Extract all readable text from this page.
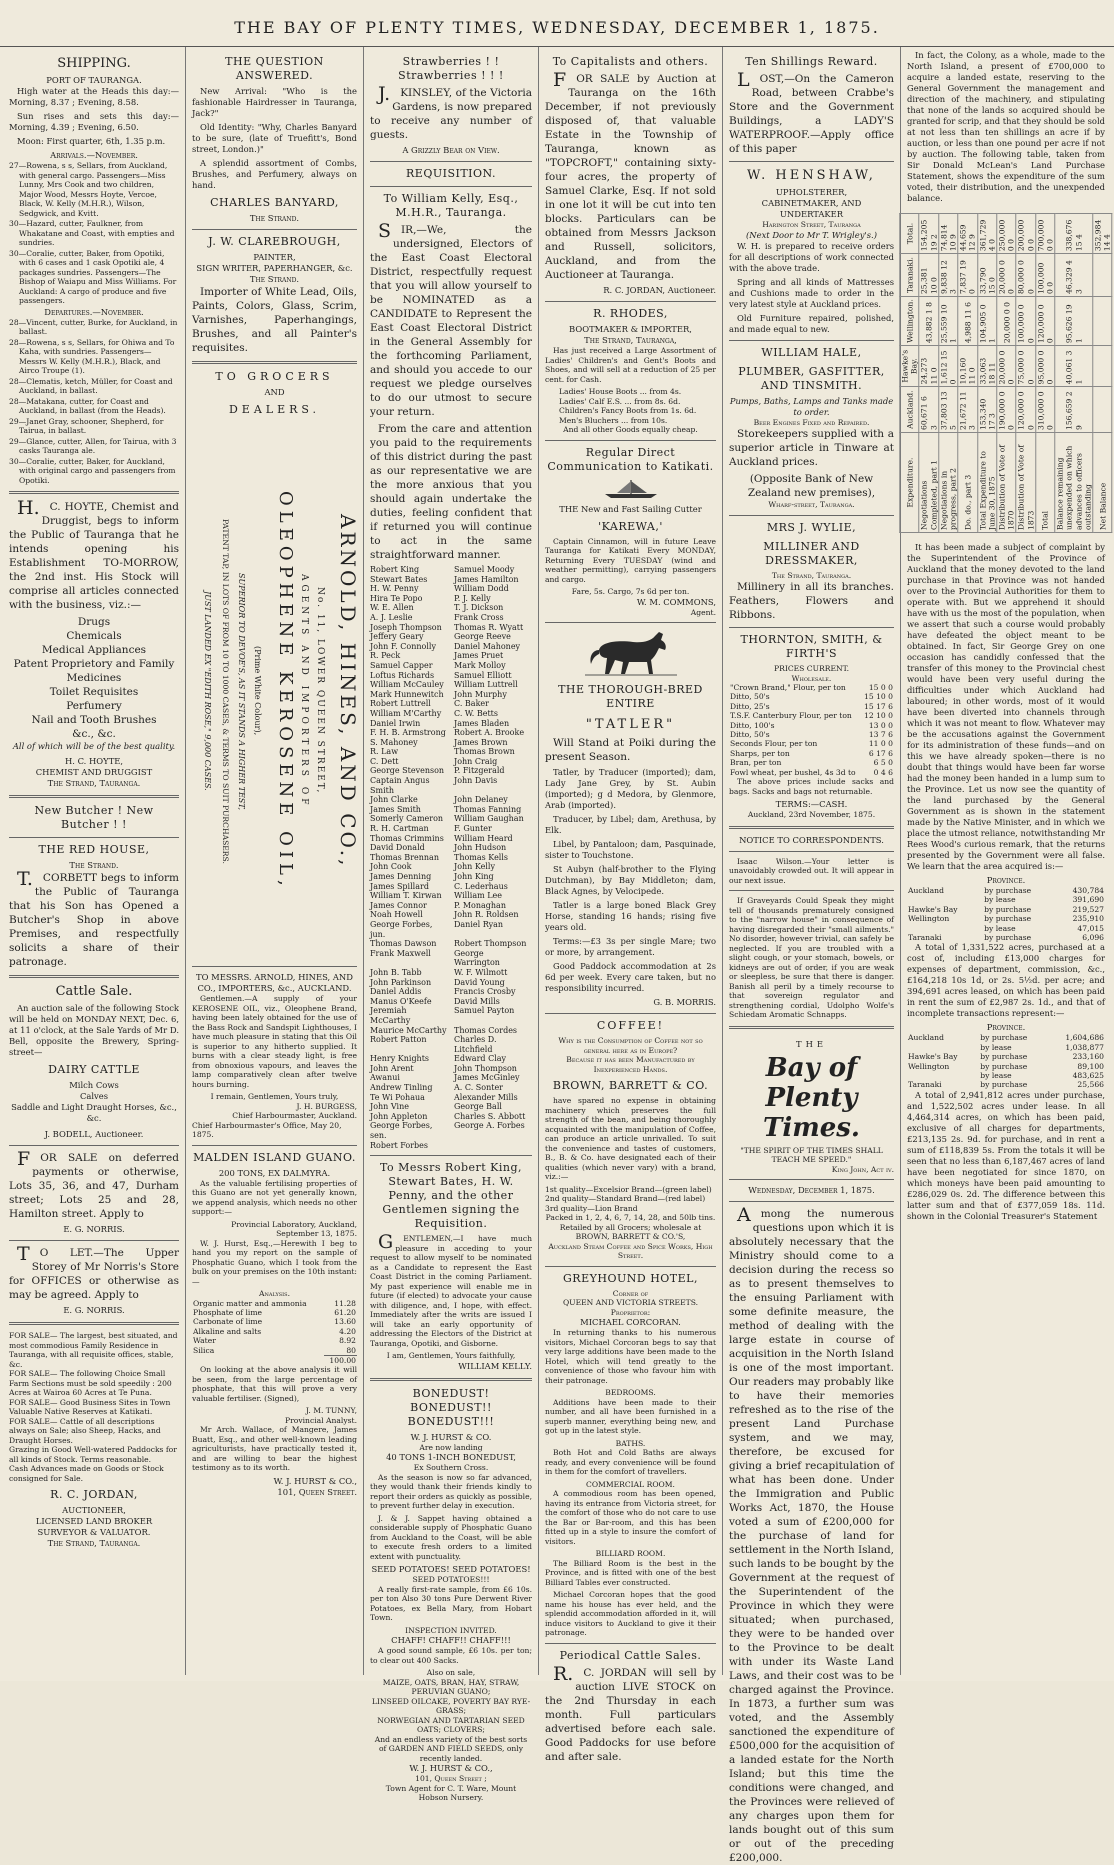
THE BAY OF PLENTY TIMES, WEDNESDAY, DECEMBER 1, 1875.
SHIPPING.
PORT OF TAURANGA.

High water at the Heads this day:—Morning, 8.37 ; Evening, 8.58.

Sun rises and sets this day:—Morning, 4.39 ; Evening, 6.50.

Moon: First quarter, 6th, 1.35 p.m.

Arrivals.—November.
27—Rowena, s s, Sellars, from Auckland, with general cargo. Passengers—Miss Lunny, Mrs Cook and two children, Major Wood, Messrs Hoyte, Vercoe, Black, W. Kelly (M.H.R.), Wilson, Sedgwick, and Kvitt.
30—Hazard, cutter, Faulkner, from Whakatane and Coast, with empties and sundries.
30—Coralie, cutter, Baker, from Opotiki, with 6 cases and 1 cask Opotiki ale, 4 packages sundries. Passengers—The Bishop of Waiapu and Miss Williams. For Auckland: A cargo of produce and five passengers.
Departures.—November.
28—Vincent, cutter, Burke, for Auckland, in ballast.
28—Rowena, s s, Sellars, for Ohiwa and To Kaha, with sundries. Passengers—Messrs W. Kelly (M.H.R.), Black, and Airco Troupe (1).
28—Clematis, ketch, Müller, for Coast and Auckland, in ballast.
28—Matakana, cutter, for Coast and Auckland, in ballast (from the Heads).
29—Janet Gray, schooner, Shepherd, for Tairua, in ballast.
29—Glance, cutter, Allen, for Tairua, with 3 casks Tauranga ale.
30—Coralie, cutter, Baker, for Auckland, with original cargo and passengers from Opotiki.

H.C. HOYTE, Chemist and Druggist, begs to inform the Public of Tauranga that he intends opening his Establishment TO-MORROW, the 2nd inst. His Stock will comprise all articles connected with the business, viz.:—

Drugs
Chemicals
Medical Appliances
Patent Proprietory and Family Medicines
Toilet Requisites
Perfumery
Nail and Tooth Brushes
&c., &c.
All of which will be of the best quality.
H. C. HOYTE,
CHEMIST AND DRUGGIST
The Strand, Tauranga.
New Butcher ! New Butcher ! !
THE RED HOUSE,
The Strand.

T.CORBETT begs to inform the Public of Tauranga that his Son has Opened a Butcher's Shop in above Premises, and respectfully solicits a share of their patronage.

Cattle Sale.

An auction sale of the following Stock will be held on MONDAY NEXT, Dec. 6, at 11 o'clock, at the Sale Yards of Mr D. Bell, opposite the Brewery, Spring-street—

DAIRY CATTLE
Milch Cows
Calves
Saddle and Light Draught Horses, &c., &c.
J. BODELL, Auctioneer.

FOR SALE on deferred payments or otherwise, Lots 35, 36, and 47, Durham street; Lots 25 and 28, Hamilton street. Apply to

E. G. NORRIS.

TO LET.—The Upper Storey of Mr Norris's Store for OFFICES or otherwise as may be agreed. Apply to

E. G. NORRIS.
FOR SALE— The largest, best situated, and most commodious Family Residence in Tauranga, with all requisite offices, stable, &c.
FOR SALE— The following Choice Small Farm Sections must be sold speedily : 200 Acres at Wairoa 60 Acres at Te Puna.
FOR SALE— Good Business Sites in Town Valuable Native Reserves at Katikati.
FOR SALE— Cattle of all descriptions always on Sale; also Sheep, Hacks, and Draught Horses.
Grazing in Good Well-watered Paddocks for all kinds of Stock. Terms reasonable.
Cash Advances made on Goods or Stock consigned for Sale.
R. C. JORDAN,
AUCTIONEER,
LICENSED LAND BROKER
SURVEYOR & VALUATOR.
The Strand, Tauranga.
THE QUESTION ANSWERED.

New Arrival: "Who is the fashionable Hairdresser in Tauranga, Jack?"

Old Identity: "Why, Charles Banyard to be sure, (late of Truefitt's, Bond street, London.)"

A splendid assortment of Combs, Brushes, and Perfumery, always on hand.

CHARLES BANYARD,
The Strand.
J. W. CLAREBROUGH,
PAINTER,
SIGN WRITER, PAPERHANGER, &c.
The Strand.

Importer of White Lead, Oils, Paints, Colors, Glass, Scrim, Varnishes, Paperhangings, Brushes, and all Painter's requisites.

TO GROCERS
AND
DEALERS.
ARNOLD, HINES, AND CO.,
No. 11, LOWER QUEEN STREET,
AGENTS AND IMPORTERS OF
OLEOPHENE KEROSENE OIL,
(Prime White Colour),
SUPERIOR TO DEVOE'S, AS IT STANDS A HIGHER TEST,
PATENT TAP, IN LOTS OF FROM 10 TO 1000 CASES, & TERMS TO SUIT PURCHASERS.
JUST LANDED EX "EDITH ROSE," 9,000 CASES.
TO MESSRS. ARNOLD, HINES, AND CO., IMPORTERS, &c., AUCKLAND.

Gentlemen.—A supply of your KEROSENE OIL, viz., Oleophene Brand, having been lately obtained for the use of the Bass Rock and Sandspit Lighthouses, I have much pleasure in stating that this Oil is superior to any hitherto supplied. It burns with a clear steady light, is free from obnoxious vapours, and leaves the lamp comparatively clean after twelve hours burning.

I remain, Gentlemen, Yours truly,
J. H. BURGESS,
Chief Harbourmaster, Auckland.
Chief Harbourmaster's Office, May 20, 1875.
MALDEN ISLAND GUANO.
200 TONS, EX DALMYRA.

As the valuable fertilising properties of this Guano are not yet generally known, we append analysis, which needs no other support:—

Provincial Laboratory, Auckland, September 13, 1875.

W. J. Hurst, Esq.,—Herewith I beg to hand you my report on the sample of Phosphatic Guano, which I took from the bulk on your premises on the 10th instant:—

Analysis.
Organic matter and ammonia	11.28
Phosphate of lime	61.20
Carbonate of lime	13.60
Alkaline and salts	4.20
Water	8.92
Silica	80
	100.00

On looking at the above analysis it will be seen, from the large percentage of phosphate, that this will prove a very valuable fertiliser. (Signed),

J. M. TUNNY,
Provincial Analyst.

Mr Arch. Wallace, of Mangere, James Buatt, Esq., and other well-known leading agriculturists, have practically tested it, and are willing to bear the highest testimony as to its worth.

W. J. HURST & CO.,
101, Queen Street.
Strawberries ! ! Strawberries ! ! !

J.KINSLEY, of the Victoria Gardens, is now prepared to receive any number of guests.

A Grizzly Bear on View.
REQUISITION.
To William Kelly, Esq., M.H.R., Tauranga.

SIR,—We, the undersigned, Electors of the East Coast Electoral District, respectfully request that you will allow yourself to be NOMINATED as a CANDIDATE to Represent the East Coast Electoral District in the General Assembly for the forthcoming Parliament, and should you accede to our request we pledge ourselves to do our utmost to secure your return.

From the care and attention you paid to the requirements of this district during the past as our representative we are the more anxious that you should again undertake the duties, feeling confident that if returned you will continue to act in the same straightforward manner.

Robert King	Samuel Moody
Stewart Bates	James Hamilton
H. W. Penny	William Dodd
Hira Te Popo	P. J. Kelly
W. E. Allen	T. J. Dickson
A. J. Leslie	Frank Cross
Joseph Thompson	Thomas R. Wyatt
Jeffery Geary	George Reeve
John F. Connolly	Daniel Mahoney
R. Peck	James Pruet
Samuel Capper	Mark Molloy
Loftus Richards	Samuel Elliott
William McCauley	William Luttrell
Mark Hunnewitch	John Murphy
Robert Luttrell	C. Baker
William M'Carthy	C. W. Betts
Daniel Irwin	James Bladen
F. H. B. Armstrong Robert A. Brooke
S. Mahoney	James Brown
R. Law	Thomas Brown
C. Dett	John Craig
George Stevenson	P. Fitzgerald
Captain Angus Smith
John Davis
John Clarke	John Delaney
James Smith	Thomas Fanning
Somerly Cameron	William Gaughan
R. H. Cartman	F. Gunter
Thomas Crimmins	William Heard
David Donald	John Hudson
Thomas Brennan	Thomas Kells
John Cook	John Kelly
James Denning	John King
James Spillard	C. Lederhaus
William T. Kirwan	William Lee
James Connor	P. Monaghan
Noah Howell	John R. Roldsen
George Forbes, jun.
Daniel Ryan
Thomas Dawson	Robert Thompson
Frank Maxwell	George Warrington
John B. Tabb	W. F. Wilmott
John Parkinson	David Young
Daniel Addis	Francis Crosby
Manus O'Keefe	David Mills
Jeremiah McCarthy
Samuel Payton
Maurice McCarthy Thomas Cordes
Robert Patton	Charles D. Litchfield
Henry Knights	Edward Clay
John Arent	John Thompson
Awanui	James McGinley
Andrew Tinling	A. C. Sonter
Te Wi Pohaua	Alexander Mills
John Vine	George Ball
John Appleton	Charles S. Abbott
George Forbes, sen.
George A. Forbes
Robert Forbes
To Messrs Robert King, Stewart Bates, H. W. Penny, and the other Gentlemen signing the Requisition.

GENTLEMEN,—I have much pleasure in acceding to your request to allow myself to be nominated as a Candidate to represent the East Coast District in the coming Parliament. My past experience will enable me in future (if elected) to advocate your cause with diligence, and, I hope, with effect. Immediately after the writs are issued I will take an early opportunity of addressing the Electors of the District at Tauranga, Opotiki, and Gisborne.

I am, Gentlemen, Yours faithfully,
WILLIAM KELLY.
BONEDUST! BONEDUST!! BONEDUST!!!
W. J. HURST & CO.
Are now landing
40 TONS 1-INCH BONEDUST,
Ex Southern Cross.

As the season is now so far advanced, they would thank their friends kindly to report their orders as quickly as possible, to prevent further delay in execution.

J. & J. Sappet having obtained a considerable supply of Phosphatic Guano from Auckland to the Coast, will be able to execute fresh orders to a limited extent with punctuality.

SEED POTATOES! SEED POTATOES!
SEED POTATOES!!!

A really first-rate sample, from £6 10s. per ton Also 30 tons Pure Derwent River Potatoes, ex Bella Mary, from Hobart Town.

INSPECTION INVITED.
CHAFF! CHAFF!! CHAFF!!!

A good sound sample, £6 10s. per ton; to clear out 400 Sacks.

Also on sale,
MAIZE, OATS, BRAN, HAY, STRAW, PERUVIAN GUANO;
LINSEED OILCAKE, POVERTY BAY RYE-GRASS;
NORWEGIAN AND TARTARIAN SEED OATS; CLOVERS;
And an endless variety of the best sorts of GARDEN AND FIELD SEEDS, only recently landed.
W. J. HURST & CO.,
101, Queen Street ;
Town Agent for C. T. Ware, Mount Hobson Nursery.
To Capitalists and others.

FOR SALE by Auction at Tauranga on the 16th December, if not previously disposed of, that valuable Estate in the Township of Tauranga, known as "TOPCROFT," containing sixty-four acres, the property of Samuel Clarke, Esq. If not sold in one lot it will be cut into ten blocks. Particulars can be obtained from Messrs Jackson and Russell, solicitors, Auckland, and from the Auctioneer at Tauranga.

R. C. JORDAN, Auctioneer.
R. RHODES,
BOOTMAKER & IMPORTER,
The Strand, Tauranga,

Has just received a Large Assortment of Ladies' Children's and Gent's Boots and Shoes, and will sell at a reduction of 25 per cent. for Cash.

Ladies' House Boots ... from 4s.
Ladies' Calf E.S. ... from 8s. 6d.
Children's Fancy Boots from 1s. 6d.
Men's Bluchers ... from 10s.
And all other Goods equally cheap.
Regular Direct Communication to Katikati.
THE New and Fast Sailing Cutter
'KAREWA,'

Captain Cinnamon, will in future Leave Tauranga for Katikati Every MONDAY, Returning Every TUESDAY (wind and weather permitting), carrying passengers and cargo.

Fare, 5s. Cargo, 7s 6d per ton.
W. M. COMMONS,
Agent.
THE THOROUGH-BRED ENTIRE
"TATLER"

Will Stand at Poiki during the present Season.

Tatler, by Traducer (imported); dam, Lady Jane Grey, by St. Aubin (imported); g d Medora, by Glenmore, Arab (imported).

Traducer, by Libel; dam, Arethusa, by Elk.

Libel, by Pantaloon; dam, Pasquinade, sister to Touchstone.

St Aubyn (half-brother to the Flying Dutchman), by Bay Middleton; dam, Black Agnes, by Velocipede.

Tatler is a large boned Black Grey Horse, standing 16 hands; rising five years old.

Terms:—£3 3s per single Mare; two or more, by arrangement.

Good Paddock accommodation at 2s 6d per week. Every care taken, but no responsibility incurred.

G. B. MORRIS.
COFFEE!
Why is the Consumption of Coffee not so general here as in Europe?
Because it has been Manufactured by Inexperienced Hands.
BROWN, BARRETT & CO.

have spared no expense in obtaining machinery which preserves the full strength of the bean, and being thoroughly acquainted with the manipulation of Coffee, can produce an article unrivalled. To suit the convenience and tastes of customers, B., B. & Co. have designated each of their qualities (which never vary) with a brand, viz.:—

1st quality—Excelsior Brand—(green label)
2nd quality—Standard Brand—(red label)
3rd quality—Lion Brand
Packed in 1, 2, 4, 6, 7, 14, 28, and 50lb tins.
Retailed by all Grocers; wholesale at
BROWN, BARRETT & CO.'S,
Auckland Steam Coffee and Spice Works, High Street.
GREYHOUND HOTEL,
Corner of
QUEEN AND VICTORIA STREETS.
Proprietor:
MICHAEL CORCORAN.

In returning thanks to his numerous visitors, Michael Corcoran begs to say that very large additions have been made to the Hotel, which will tend greatly to the convenience of those who favour him with their patronage.

BEDROOMS.

Additions have been made to their number, and all have been furnished in a superb manner, everything being new, and got up in the latest style.

BATHS.

Both Hot and Cold Baths are always ready, and every convenience will be found in them for the comfort of travellers.

COMMERCIAL ROOM.

A commodious room has been opened, having its entrance from Victoria street, for the comfort of those who do not care to use the Bar or Bar-room, and this has been fitted up in a style to insure the comfort of visitors.

BILLIARD ROOM.

The Billiard Room is the best in the Province, and is fitted with one of the best Billiard Tables ever constructed.

Michael Corcoran hopes that the good name his house has ever held, and the splendid accommodation afforded in it, will induce visitors to Auckland to give it their patronage.

Periodical Cattle Sales.

R.C. JORDAN will sell by auction LIVE STOCK on the 2nd Thursday in each month. Full particulars advertised before each sale. Good Paddocks for use before and after sale.

Ten Shillings Reward.

LOST,—On the Cameron Road, between Crabbe's Store and the Government Buildings, a LADY'S WATERPROOF.—Apply office of this paper

W. HENSHAW,
UPHOLSTERER,
CABINETMAKER, AND UNDERTAKER
Harington Street, Tauranga
(Next Door to Mr T. Wrigley's.)

W. H. is prepared to receive orders for all descriptions of work connected with the above trade.

Spring and all kinds of Mattresses and Cushions made to order in the very latest style at Auckland prices.

Old Furniture repaired, polished, and made equal to new.

WILLIAM HALE,
PLUMBER, GASFITTER, AND TINSMITH.
Pumps, Baths, Lamps and Tanks made to order.
Beer Engines Fixed and Repaired.

Storekeepers supplied with a superior article in Tinware at Auckland prices.

(Opposite Bank of New Zealand new premises),
Wharf-street, Tauranga.
MRS J. WYLIE,
MILLINER AND DRESSMAKER,
The Strand, Tauranga.

Millinery in all its branches. Feathers, Flowers and Ribbons.

THORNTON, SMITH, & FIRTH'S
PRICES CURRENT.
Wholesale.
"Crown Brand," Flour, per ton	15 0 0
Ditto, 50's	15 10 0
Ditto, 25's	15 17 6
T.S.F. Canterbury Flour, per ton	12 10 0
Ditto, 100's	13 0 0
Ditto, 50's	13 7 6
Seconds Flour, per ton	11 0 0
Sharps, per ton	6 17 6
Bran, per ton	6 5 0
Fowl wheat, per bushel, 4s 3d to	0 4 6

The above prices include sacks and bags. Sacks and bags not returnable.

TERMS:—CASH.
Auckland, 23rd November, 1875.
NOTICE TO CORRESPONDENTS.

Isaac Wilson.—Your letter is unavoidably crowded out. It will appear in our next issue.

If Graveyards Could Speak they might tell of thousands prematurely consigned to the "narrow house" in consequence of having disregarded their "small ailments." No disorder, however trivial, can safely be neglected. If you are troubled with a slight cough, or your stomach, bowels, or kidneys are out of order, if you are weak or sleepless, be sure that there is danger. Banish all peril by a timely recourse to that sovereign regulator and strengthening cordial, Udolpho Wolfe's Schiedam Aromatic Schnapps.

THE
Bay of Plenty Times.
"THE SPIRIT OF THE TIMES SHALL TEACH ME SPEED."
King John, Act iv.
Wednesday, December 1, 1875.

Among the numerous questions upon which it is absolutely necessary that the Ministry should come to a decision during the recess so as to present themselves to the ensuing Parliament with some definite measure, the method of dealing with the large estate in course of acquisition in the North Island is one of the most important. Our readers may probably like to have their memories refreshed as to the rise of the present Land Purchase system, and we may, therefore, be excused for giving a brief recapitulation of what has been done. Under the Immigration and Public Works Act, 1870, the House voted a sum of £200,000 for the purchase of land for settlement in the North Island, such lands to be bought by the Government at the request of the Superintendent of the Province in which they were situated; when purchased, they were to be handed over to the Province to be dealt with under its Waste Land Laws, and their cost was to be charged against the Province. In 1873, a further sum was voted, and the Assembly sanctioned the expenditure of £500,000 for the acquisition of a landed estate for the North Island; but this time the conditions were changed, and the Provinces were relieved of any charges upon them for lands bought out of this sum or out of the preceding £200,000.

In fact, the Colony, as a whole, made to the North Island, a present of £700,000 to acquire a landed estate, reserving to the General Government the management and direction of the machinery, and stipulating that none of the lands so acquired should be granted for scrip, and that they should be sold at not less than ten shillings an acre if by auction, or less than one pound per acre if not by auction. The following table, taken from Sir Donald McLean's Land Purchase Statement, shows the expenditure of the sum voted, their distribution, and the unexpended balance.

Expenditure.	Auckland.	Hawke's Bay.	Wellington.	Taranaki.	Total.
Negotiations Completed, part 1	60,671 6 3	24,273 11 0	43,882 1 8	25,381 10 0	154,205 19 2
Negotiations in progress, part 2	37,803 13 5	1,612 15 0	25,559 10 1	9,838 12 3	74,814 10 9
Do. do., part 3	21,672 11 3	10,160 11 0	4,988 11 6	7,837 19 0	44,659 12 9
Total Expenditure to June 30, 1875	153,340 17 3	33,063 18 11	104,905 0 1	33,790 15 0	361,729 4 0
Distribution of Vote of 1870	190,000 0 0	20,000 0 0	20,000 0 0	20,000 0 0	250,000 0 0
Distribution of Vote of 1873	120,000 0 0	75,000 0 0	100,000 0 0	80,000 0 0	200,000 0 0
Total	310,000 0 0	95,000 0 0	120,000 0 0	100,000 0 0	700,000 0 0
Balance remaining unexpended on which advances to officers outstanding	156,659 2 9	40,061 3 1	95,626 19 1	46,329 4 3	338,676 15 4
Net Balance					352,984 14 4

It has been made a subject of complaint by the Superintendent of the Province of Auckland that the money devoted to the land purchase in that Province was not handed over to the Provincial Authorities for them to operate with. But we apprehend it should have with us the most of the population, when we assert that such a course would probably have defeated the object meant to be obtained. In fact, Sir George Grey on one occasion has candidly confessed that the transfer of this money to the Provincial chest would have been very useful during the difficulties under which Auckland had laboured; in other words, most of it would have been diverted into channels through which it was not meant to flow. Whatever may be the accusations against the Government for its administration of these funds—and on this we have already spoken—there is no doubt that things would have been far worse had the money been handed in a lump sum to the Province. Let us now see the quantity of the land purchased by the General Government as is shown in the statement made by the Native Minister, and in which we place the utmost reliance, notwithstanding Mr Rees Wood's curious remark, that the returns presented by the Government were all false. We learn that the area acquired is:—

Province.
Auckland	by purchase	430,784
	by lease	391,690
Hawke's Bay	by purchase	219,527
Wellington	by purchase	235,910
	by lease	47,015
Taranaki	by purchase	6,096

A total of 1,331,522 acres, purchased at a cost of, including £13,000 charges for expenses of department, commission, &c., £164,218 10s 1d, or 2s. 5½d. per acre; and 394,691 acres leased, on which has been paid in rent the sum of £2,987 2s. 1d., and that of incomplete transactions represent:—

Province.
Auckland	by purchase	1,604,686
	by lease	1,038,877
Hawke's Bay	by purchase	233,160
Wellington	by purchase	89,100
	by lease	483,625
Taranaki	by purchase	25,566

A total of 2,941,812 acres under purchase, and 1,522,502 acres under lease. In all 4,464,314 acres, on which has been paid, exclusive of all charges for departments, £213,135 2s. 9d. for purchase, and in rent a sum of £118,839 5s. From the totals it will be seen that no less than 6,187,467 acres of land have been negotiated for since 1870, on which moneys have been paid amounting to £286,029 0s. 2d. The difference between this latter sum and that of £377,059 18s. 11d. shown in the Colonial Treasurer's Statement
